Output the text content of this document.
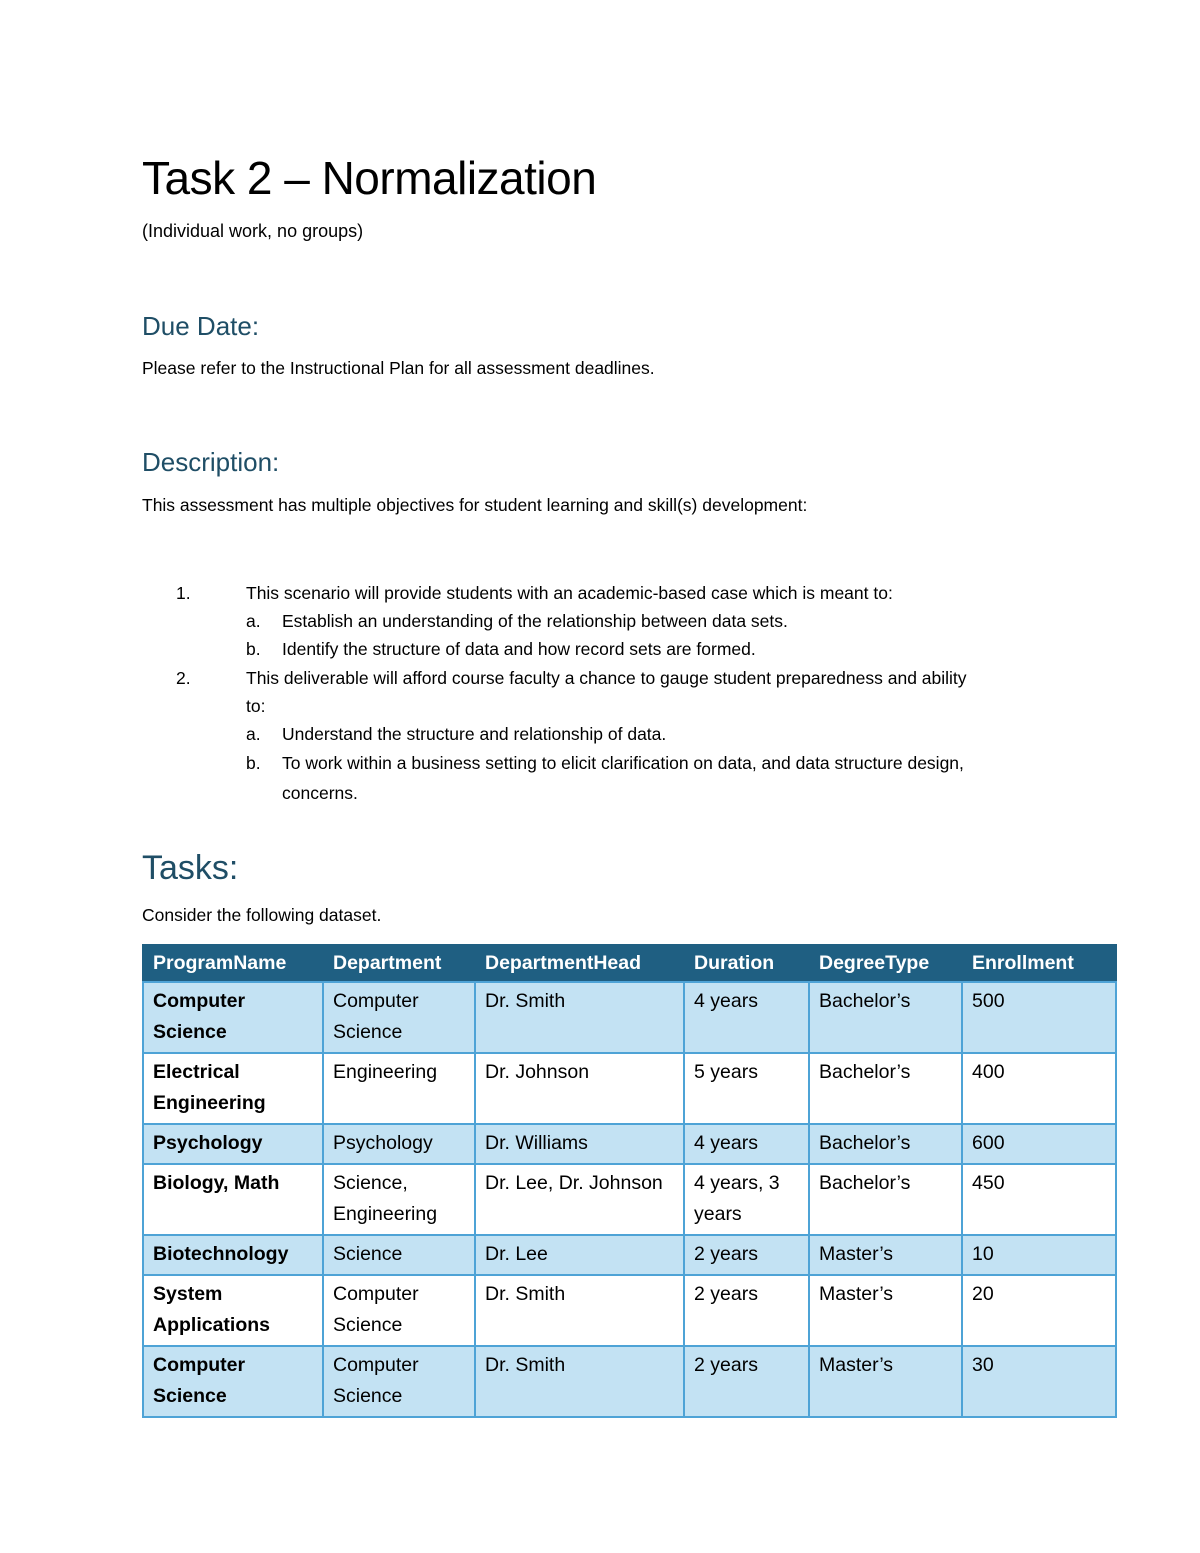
Task 2 – Normalization
(Individual work, no groups)
Due Date:
Please refer to the Instructional Plan for all assessment deadlines.
Description:
This assessment has multiple objectives for student learning and skill(s) development:
1.	This scenario will provide students with an academic-based case which is meant to:
a. Establish an understanding of the relationship between data sets.
b. Identify the structure of data and how record sets are formed.
2.	This deliverable will afford course faculty a chance to gauge student preparedness and ability
to:
a. Understand the structure and relationship of data.
b. To work within a business setting to elicit clarification on data, and data structure design,
concerns.
Tasks:
Consider the following dataset.
ProgramName	Department	DepartmentHead	Duration	DegreeType	Enrollment
Computer Science	Computer Science	Dr. Smith	4 years	Bachelor’s	500
Electrical Engineering	Engineering	Dr. Johnson	5 years	Bachelor’s	400
Psychology	Psychology	Dr. Williams	4 years	Bachelor’s	600
Biology, Math	Science, Engineering	Dr. Lee, Dr. Johnson	4 years, 3 years	Bachelor’s	450
Biotechnology	Science	Dr. Lee	2 years	Master’s	10
System Applications	Computer Science	Dr. Smith	2 years	Master’s	20
Computer Science	Computer Science	Dr. Smith	2 years	Master’s	30
